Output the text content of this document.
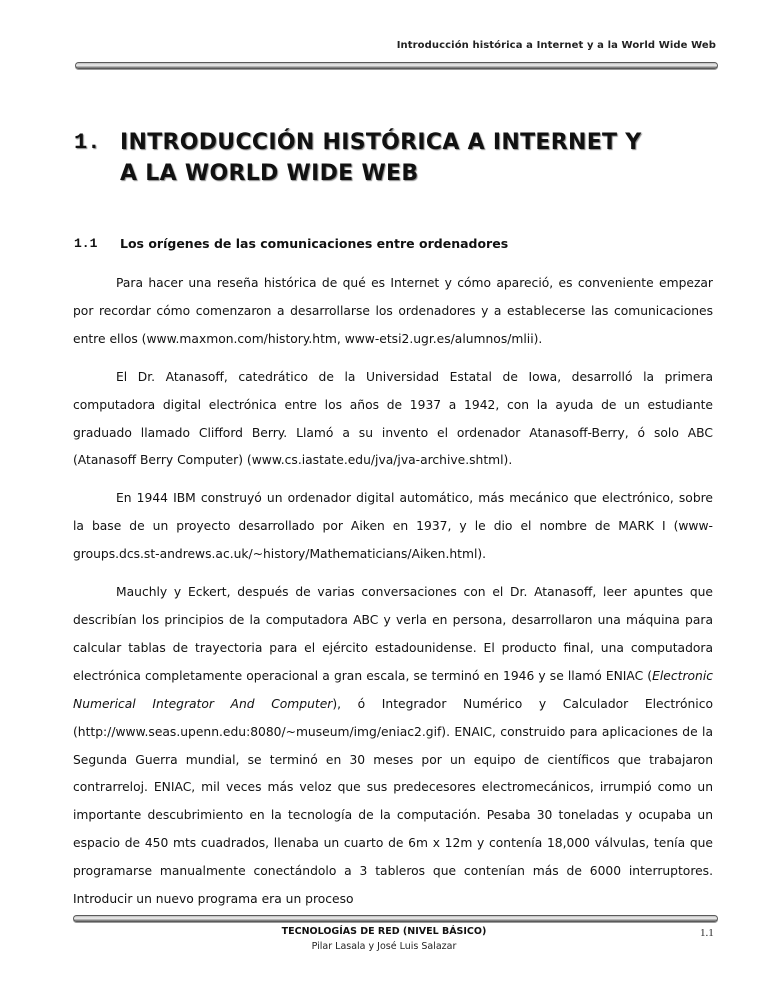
Introducción histórica a Internet y a la World Wide Web
1. INTRODUCCIÓN HISTÓRICA A INTERNET Y
A LA WORLD WIDE WEB
1.1 Los orígenes de las comunicaciones entre ordenadores

Para hacer una reseña histórica de qué es Internet y cómo apareció, es conveniente empezar por recordar cómo comenzaron a desarrollarse los ordenadores y a establecerse las comunicaciones entre ellos (www.maxmon.com/history.htm, www-etsi2.ugr.es/alumnos/mlii).

El Dr. Atanasoff, catedrático de la Universidad Estatal de Iowa, desarrolló la primera computadora digital electrónica entre los años de 1937 a 1942, con la ayuda de un estudiante graduado llamado Clifford Berry. Llamó a su invento el ordenador Atanasoff-Berry, ó solo ABC (Atanasoff Berry Computer) (www.cs.iastate.edu/jva/jva-archive.shtml).

En 1944 IBM construyó un ordenador digital automático, más mecánico que electrónico, sobre la base de un proyecto desarrollado por Aiken en 1937, y le dio el nombre de MARK I (www-groups.dcs.st-andrews.ac.uk/~history/Mathematicians/Aiken.html).

Mauchly y Eckert, después de varias conversaciones con el Dr. Atanasoff, leer apuntes que describían los principios de la computadora ABC y verla en persona, desarrollaron una máquina para calcular tablas de trayectoria para el ejército estadounidense. El producto final, una computadora electrónica completamente operacional a gran escala, se terminó en 1946 y se llamó ENIAC (Electronic Numerical Integrator And Computer), ó Integrador Numérico y Calculador Electrónico (http://www.seas.upenn.edu:8080/~museum/img/eniac2.gif). ENAIC, construido para aplicaciones de la Segunda Guerra mundial, se terminó en 30 meses por un equipo de científicos que trabajaron contrarreloj. ENIAC, mil veces más veloz que sus predecesores electromecánicos, irrumpió como un importante descubrimiento en la tecnología de la computación. Pesaba 30 toneladas y ocupaba un espacio de 450 mts cuadrados, llenaba un cuarto de 6m x 12m y contenía 18,000 válvulas, tenía que programarse manualmente conectándolo a 3 tableros que contenían más de 6000 interruptores. Introducir un nuevo programa era un proceso

TECNOLOGÍAS DE RED (NIVEL BÁSICO)
Pilar Lasala y José Luis Salazar
1.1
